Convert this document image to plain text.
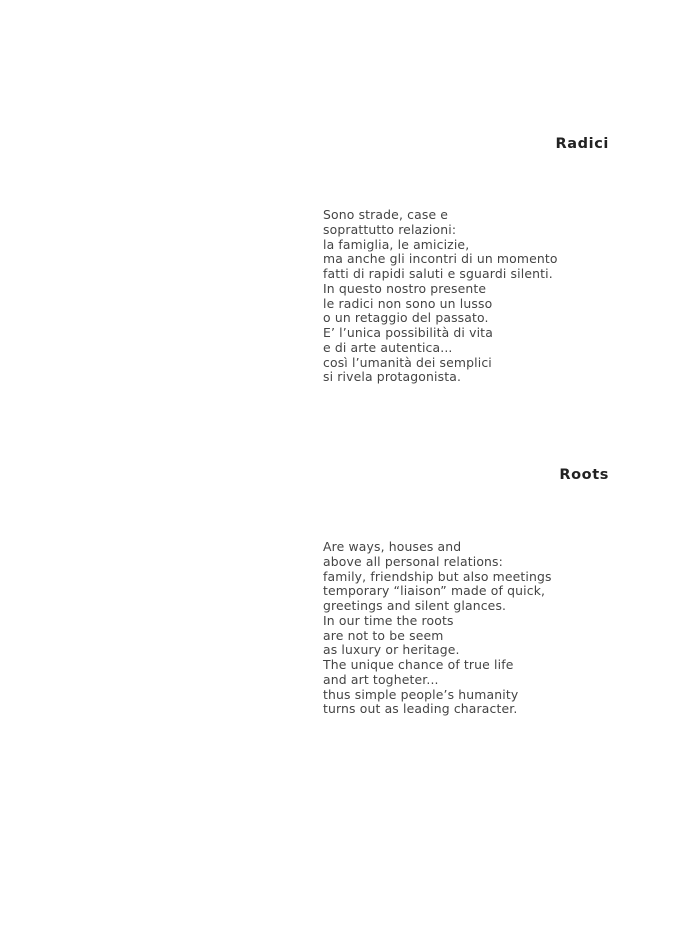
Radici
Sono strade, case e
soprattutto relazioni:
la famiglia, le amicizie,
ma anche gli incontri di un momento
fatti di rapidi saluti e sguardi silenti.
In questo nostro presente
le radici non sono un lusso
o un retaggio del passato.
E’ l’unica possibilità di vita
e di arte autentica...
così l’umanità dei semplici
si rivela protagonista.
Roots
Are ways, houses and
above all personal relations:
family, friendship but also meetings
temporary “liaison” made of quick,
greetings and silent glances.
In our time the roots
are not to be seem
as luxury or heritage.
The unique chance of true life
and art togheter...
thus simple people’s humanity
turns out as leading character.
